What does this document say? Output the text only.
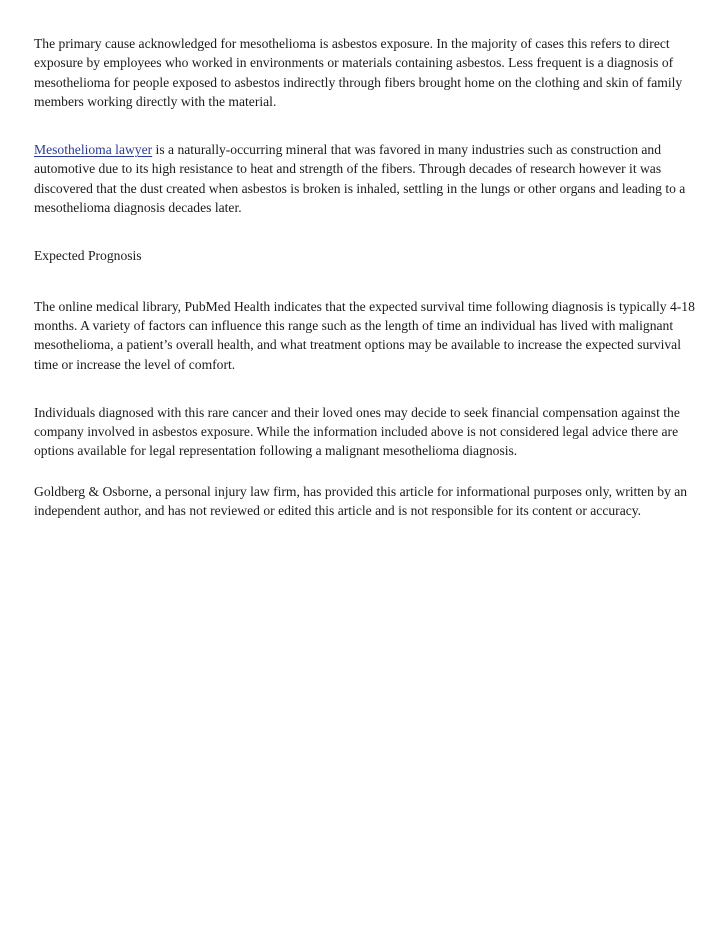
The primary cause acknowledged for mesothelioma is asbestos exposure. In the majority of cases this refers to direct exposure by employees who worked in environments or materials containing asbestos. Less frequent is a diagnosis of mesothelioma for people exposed to asbestos indirectly through fibers brought home on the clothing and skin of family members working directly with the material.

Mesothelioma lawyer is a naturally-occurring mineral that was favored in many industries such as construction and automotive due to its high resistance to heat and strength of the fibers. Through decades of research however it was discovered that the dust created when asbestos is broken is inhaled, settling in the lungs or other organs and leading to a mesothelioma diagnosis decades later.

Expected Prognosis

The online medical library, PubMed Health indicates that the expected survival time following diagnosis is typically 4-18 months. A variety of factors can influence this range such as the length of time an individual has lived with malignant mesothelioma, a patient’s overall health, and what treatment options may be available to increase the expected survival time or increase the level of comfort.

Individuals diagnosed with this rare cancer and their loved ones may decide to seek financial compensation against the company involved in asbestos exposure. While the information included above is not considered legal advice there are options available for legal representation following a malignant mesothelioma diagnosis.

Goldberg & Osborne, a personal injury law firm, has provided this article for informational purposes only, written by an independent author, and has not reviewed or edited this article and is not responsible for its content or accuracy.
